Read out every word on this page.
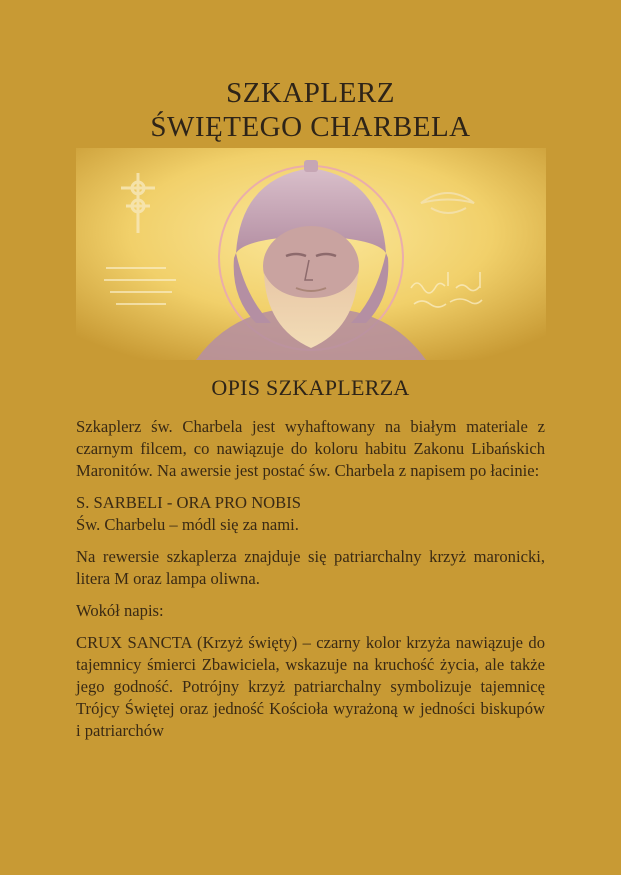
SZKAPLERZ
ŚWIĘTEGO CHARBELA
OPIS SZKAPLERZA

Szkaplerz św. Charbela jest wyhaftowany na białym materiale z czarnym filcem, co nawiązuje do koloru habitu Zakonu Libańskich Maronitów. Na awersie jest postać św. Charbela z napisem po łacinie:

S. SARBELI - ORA PRO NOBIS

Św. Charbelu – módl się za nami.

Na rewersie szkaplerza znajduje się patriarchalny krzyż maronicki, litera M oraz lampa oliwna.

Wokół napis:

CRUX SANCTA (Krzyż święty) – czarny kolor krzyża nawiązuje do tajemnicy śmierci Zbawiciela, wskazuje na kruchość życia, ale także jego godność. Potrójny krzyż patriarchalny symbolizuje tajemnicę Trójcy Świętej oraz jedność Kościoła wyrażoną w jedności biskupów i patriarchów
